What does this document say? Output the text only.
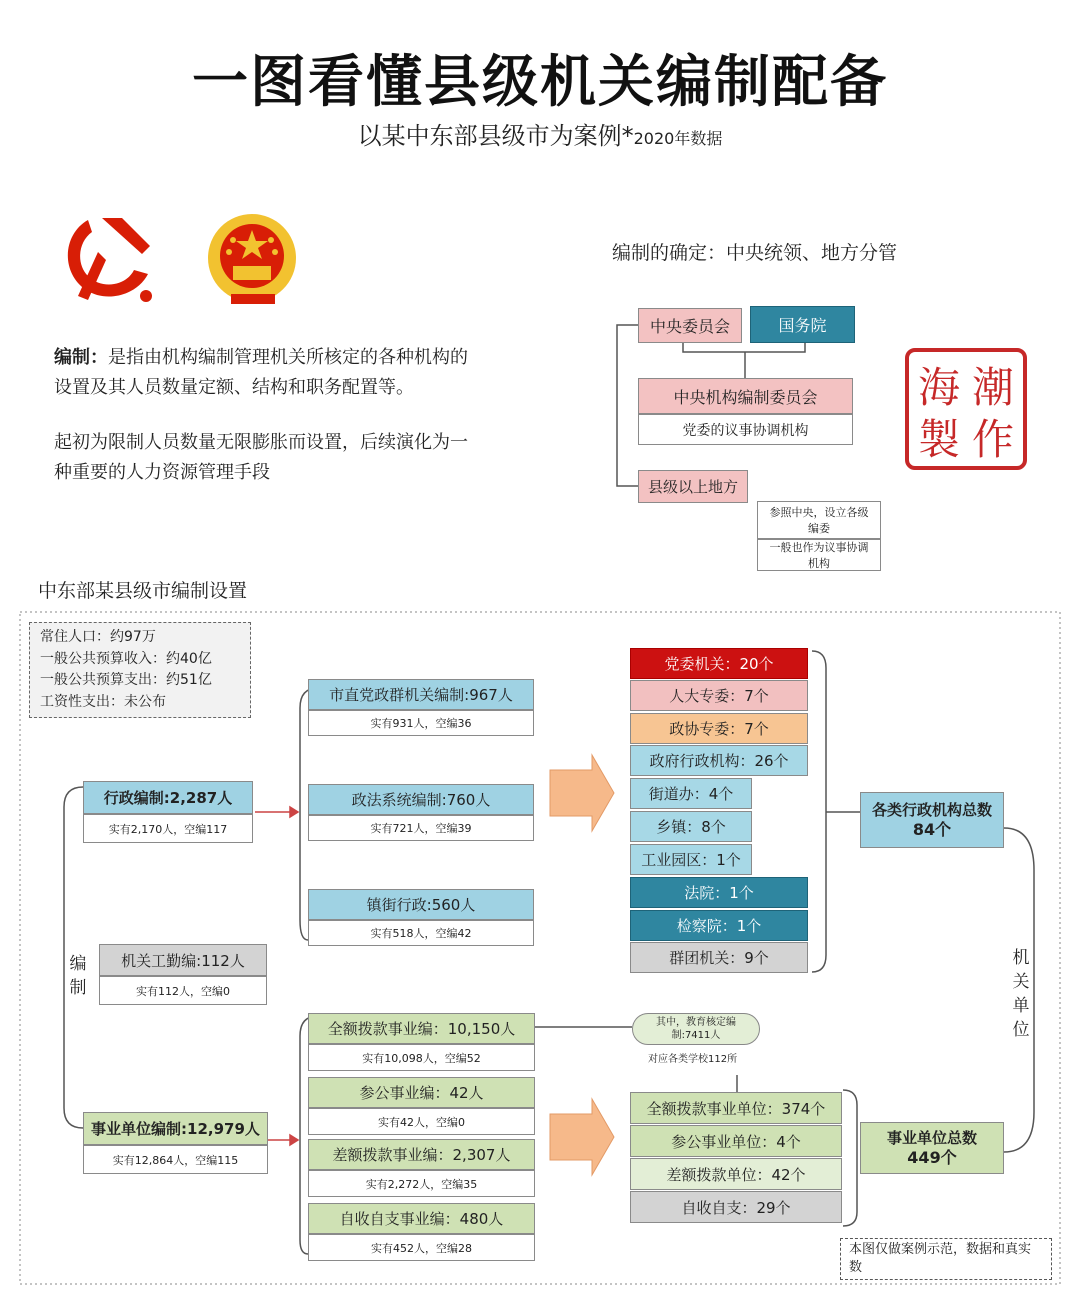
一图看懂县级机关编制配备
以某中东部县级市为案例*2020年数据
编制：是指由机构编制管理机关所核定的各种机构的设置及其人员数量定额、结构和职务配置等。
起初为限制人员数量无限膨胀而设置，后续演化为一种重要的人力资源管理手段
编制的确定：中央统领、地方分管
中央委员会	国务院
中央机构编制委员会
党委的议事协调机构
县级以上地方
参照中央，设立各级编委
一般也作为议事协调机构
海 潮
製 作
中东部某县级市编制设置
常住人口：约97万
一般公共预算收入：约40亿
一般公共预算支出：约51亿
工资性支出：未公布
编制
机关单位
行政编制:2,287人
实有2,170人，空编117
机关工勤编:112人
实有112人，空编0
事业单位编制:12,979人
实有12,864人，空编115
市直党政群机关编制:967人
实有931人，空编36
政法系统编制:760人
实有721人，空编39
镇街行政:560人
实有518人，空编42
全额拨款事业编：10,150人
实有10,098人，空编52
参公事业编：42人
实有42人，空编0
差额拨款事业编：2,307人
实有2,272人，空编35
自收自支事业编：480人
实有452人，空编28
党委机关：20个
人大专委：7个
政协专委：7个
政府行政机构：26个
街道办：4个
乡镇：8个
工业园区：1个
法院：1个
检察院：1个
群团机关：9个
各类行政机构总数
84个
其中，教育核定编制:7411人
对应各类学校112所
全额拨款事业单位：374个
参公事业单位：4个
差额拨款单位：42个
自收自支：29个
事业单位总数
449个
本图仅做案例示范，数据和真实数
